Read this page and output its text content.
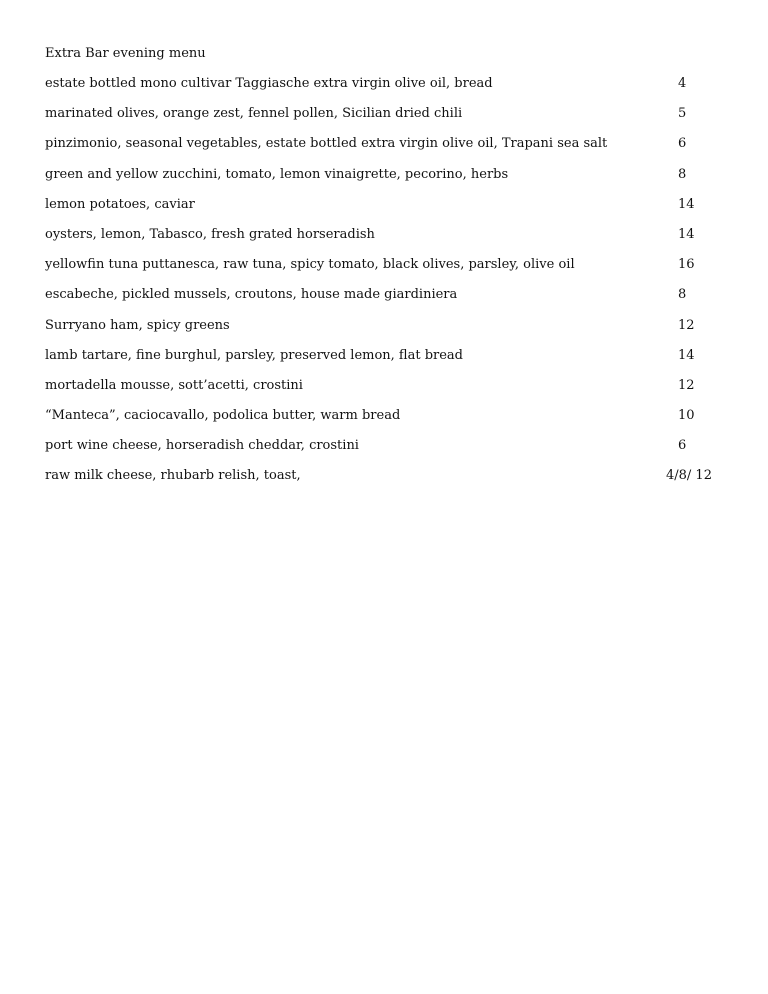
Extra Bar evening menu
estate bottled mono cultivar Taggiasche extra virgin olive oil, bread	4
marinated olives, orange zest, fennel pollen, Sicilian dried chili	5
pinzimonio, seasonal vegetables, estate bottled extra virgin olive oil, Trapani sea salt	6
green and yellow zucchini, tomato, lemon vinaigrette, pecorino, herbs	8
lemon potatoes, caviar	14
oysters, lemon, Tabasco, fresh grated horseradish	14
yellowfin tuna puttanesca, raw tuna, spicy tomato, black olives, parsley, olive oil	16
escabeche, pickled mussels, croutons, house made giardiniera	8
Surryano ham, spicy greens	12
lamb tartare, fine burghul, parsley, preserved lemon, flat bread	14
mortadella mousse, sott’acetti, crostini	12
“Manteca”, caciocavallo, podolica butter, warm bread	10
port wine cheese, horseradish cheddar, crostini	6
raw milk cheese, rhubarb relish, toast,	4/8/ 12
